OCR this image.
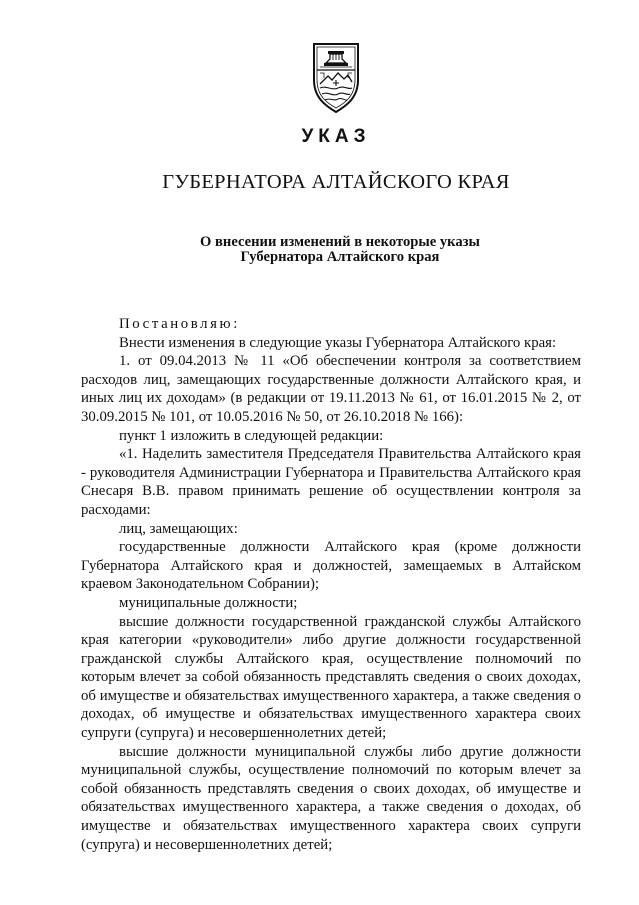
УКАЗ
ГУБЕРНАТОРА АЛТАЙСКОГО КРАЯ
О внесении изменений в некоторые указы
Губернатора Алтайского края

Постановляю:

Внести изменения в следующие указы Губернатора Алтайского края:

1. от 09.04.2013 № 11 «Об обеспечении контроля за соответствием расходов лиц, замещающих государственные должности Алтайского края, и иных лиц их доходам» (в редакции от 19.11.2013 № 61, от 16.01.2015 № 2, от 30.09.2015 № 101, от 10.05.2016 № 50, от 26.10.2018 № 166):

пункт 1 изложить в следующей редакции:

«1. Наделить заместителя Председателя Правительства Алтайского края - руководителя Администрации Губернатора и Правительства Алтайского края Снесаря В.В. правом принимать решение об осуществлении контроля за расходами:

лиц, замещающих:

государственные должности Алтайского края (кроме должности Губернатора Алтайского края и должностей, замещаемых в Алтайском краевом Законодательном Собрании);

муниципальные должности;

высшие должности государственной гражданской службы Алтайского края категории «руководители» либо другие должности государственной гражданской службы Алтайского края, осуществление полномочий по которым влечет за собой обязанность представлять сведения о своих доходах, об имуществе и обязательствах имущественного характера, а также сведения о доходах, об имуществе и обязательствах имущественного характера своих супруги (супруга) и несовершеннолетних детей;

высшие должности муниципальной службы либо другие должности муниципальной службы, осуществление полномочий по которым влечет за собой обязанность представлять сведения о своих доходах, об имуществе и обязательствах имущественного характера, а также сведения о доходах, об имуществе и обязательствах имущественного характера своих супруги (супруга) и несовершеннолетних детей;
